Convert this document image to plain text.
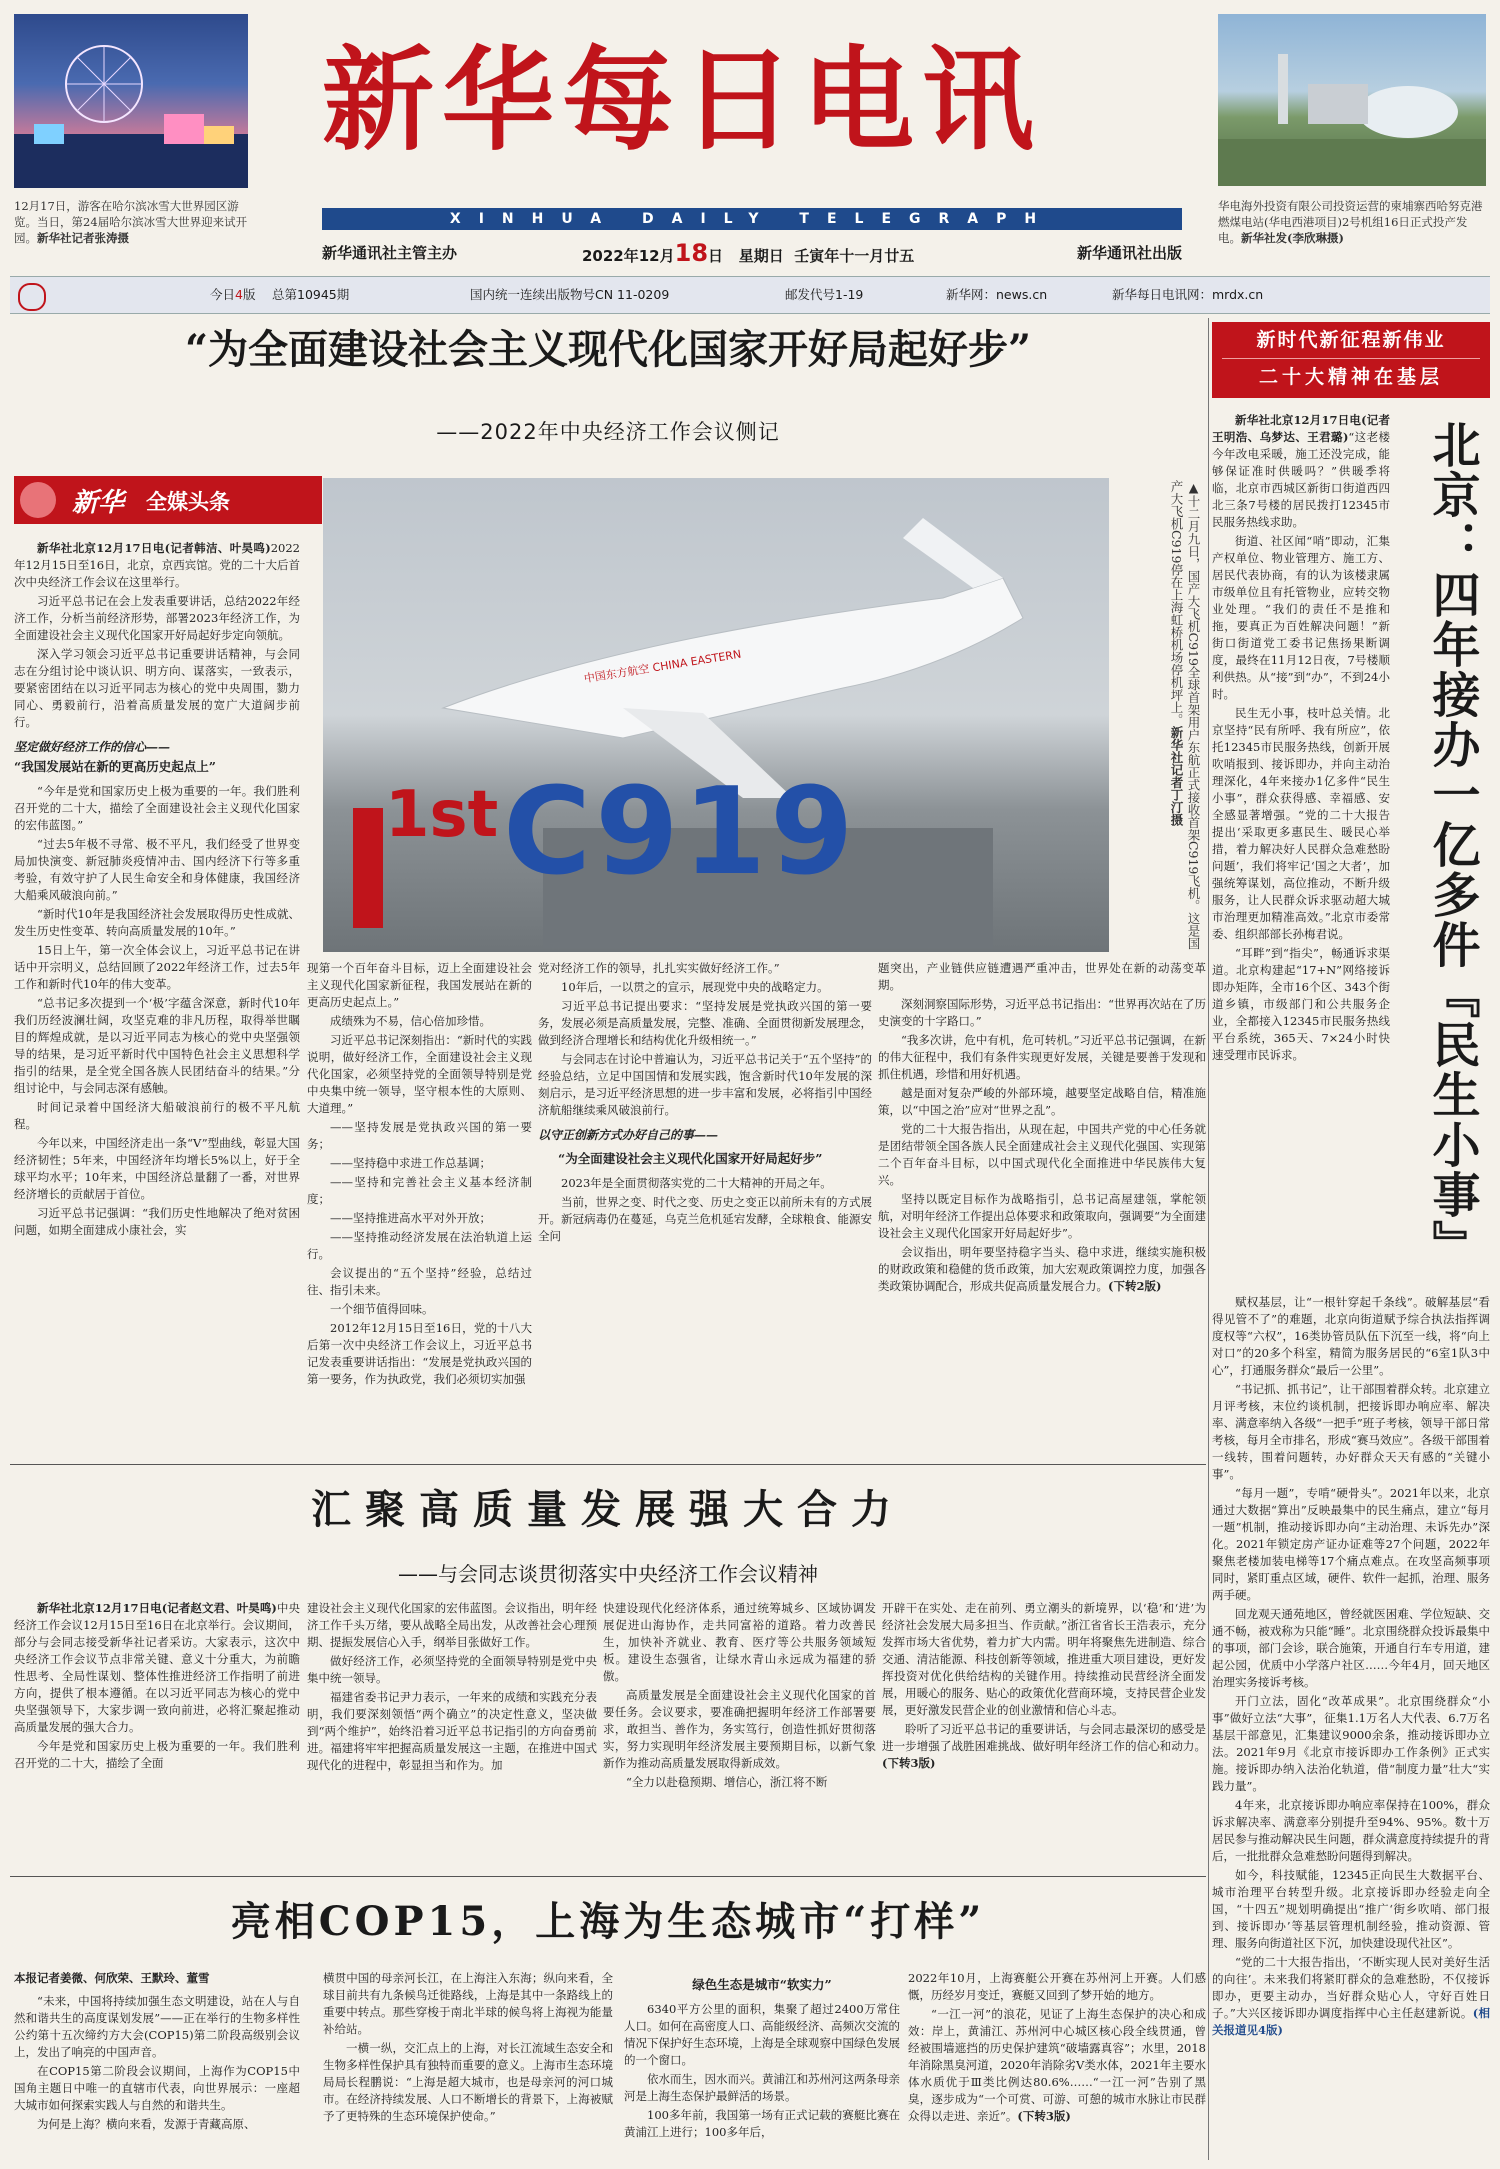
12月17日，游客在哈尔滨冰雪大世界园区游览。当日，第24届哈尔滨冰雪大世界迎来试开园。新华社记者张涛摄
新华每日电讯
XINHUA DAILY TELEGRAPH
新华通讯社主管主办	2022年12月18日 星期日 壬寅年十一月廿五	新华通讯社出版
华电海外投资有限公司投资运营的柬埔寨西哈努克港燃煤电站(华电西港项目)2号机组16日正式投产发电。新华社发(李欣琳摄)
今日4版 总第10945期	国内统一连续出版物号CN 11-0209	邮发代号1-19	新华网：news.cn	新华每日电讯网：mrdx.cn
“为全面建设社会主义现代化国家开好局起好步”
——2022年中央经济工作会议侧记
新华 全媒头条

新华社北京12月17日电(记者韩洁、叶昊鸣)2022年12月15日至16日，北京，京西宾馆。党的二十大后首次中央经济工作会议在这里举行。

习近平总书记在会上发表重要讲话，总结2022年经济工作，分析当前经济形势，部署2023年经济工作，为全面建设社会主义现代化国家开好局起好步定向领航。

深入学习领会习近平总书记重要讲话精神，与会同志在分组讨论中谈认识、明方向、谋落实，一致表示，要紧密团结在以习近平同志为核心的党中央周围，勠力同心、勇毅前行，沿着高质量发展的宽广大道阔步前行。

坚定做好经济工作的信心——
“我国发展站在新的更高历史起点上”

“今年是党和国家历史上极为重要的一年。我们胜利召开党的二十大，描绘了全面建设社会主义现代化国家的宏伟蓝图。”

“过去5年极不寻常、极不平凡，我们经受了世界变局加快演变、新冠肺炎疫情冲击、国内经济下行等多重考验，有效守护了人民生命安全和身体健康，我国经济大船乘风破浪向前。”

“新时代10年是我国经济社会发展取得历史性成就、发生历史性变革、转向高质量发展的10年。”

15日上午，第一次全体会议上，习近平总书记在讲话中开宗明义，总结回顾了2022年经济工作，过去5年工作和新时代10年的伟大变革。

“总书记多次提到一个‘极’字蕴含深意，新时代10年我们历经波澜壮阔，攻坚克难的非凡历程，取得举世瞩目的辉煌成就，是以习近平同志为核心的党中央坚强领导的结果，是习近平新时代中国特色社会主义思想科学指引的结果，是全党全国各族人民团结奋斗的结果。”分组讨论中，与会同志深有感触。

时间记录着中国经济大船破浪前行的极不平凡航程。

今年以来，中国经济走出一条“V”型曲线，彰显大国经济韧性；5年来，中国经济年均增长5%以上，好于全球平均水平；10年来，中国经济总量翻了一番，对世界经济增长的贡献居于首位。

习近平总书记强调：“我们历史性地解决了绝对贫困问题，如期全面建成小康社会，实

中国东方航空 CHINA EASTERN
1st C919	▲十二月九日，国产大飞机C919全球首架用户东航正式接收首架C919飞机。这是国产大飞机C919停在上海虹桥机场停机坪上。新华社记者丁汀摄

现第一个百年奋斗目标，迈上全面建设社会主义现代化国家新征程，我国发展站在新的更高历史起点上。”

成绩殊为不易，信心倍加珍惜。

习近平总书记深刻指出：“新时代的实践说明，做好经济工作，全面建设社会主义现代化国家，必须坚持党的全面领导特别是党中央集中统一领导，坚守根本性的大原则、大道理。”

——坚持发展是党执政兴国的第一要务；

——坚持稳中求进工作总基调；

——坚持和完善社会主义基本经济制度；

——坚持推进高水平对外开放；

——坚持推动经济发展在法治轨道上运行。

会议提出的“五个坚持”经验，总结过往、指引未来。

一个细节值得回味。

2012年12月15日至16日，党的十八大后第一次中央经济工作会议上，习近平总书记发表重要讲话指出：“发展是党执政兴国的第一要务，作为执政党，我们必须切实加强

党对经济工作的领导，扎扎实实做好经济工作。”

10年后，一以贯之的宣示，展现党中央的战略定力。

习近平总书记提出要求：“坚持发展是党执政兴国的第一要务，发展必须是高质量发展，完整、准确、全面贯彻新发展理念，做到经济合理增长和结构优化升级相统一。”

与会同志在讨论中普遍认为，习近平总书记关于“五个坚持”的经验总结，立足中国国情和发展实践，饱含新时代10年发展的深刻启示，是习近平经济思想的进一步丰富和发展，必将指引中国经济航船继续乘风破浪前行。

以守正创新方式办好自己的事——
“为全面建设社会主义现代化国家开好局起好步”

2023年是全面贯彻落实党的二十大精神的开局之年。

当前，世界之变、时代之变、历史之变正以前所未有的方式展开。新冠病毒仍在蔓延，乌克兰危机延宕发酵，全球粮食、能源安全问

题突出，产业链供应链遭遇严重冲击，世界处在新的动荡变革期。

深刻洞察国际形势，习近平总书记指出：“世界再次站在了历史演变的十字路口。”

“我多次讲，危中有机，危可转机。”习近平总书记强调，在新的伟大征程中，我们有条件实现更好发展，关键是要善于发现和抓住机遇，珍惜和用好机遇。

越是面对复杂严峻的外部环境，越要坚定战略自信，精准施策，以“中国之治”应对“世界之乱”。

党的二十大报告指出，从现在起，中国共产党的中心任务就是团结带领全国各族人民全面建成社会主义现代化强国、实现第二个百年奋斗目标，以中国式现代化全面推进中华民族伟大复兴。

坚持以既定目标作为战略指引，总书记高屋建瓴，掌舵领航，对明年经济工作提出总体要求和政策取向，强调要“为全面建设社会主义现代化国家开好局起好步”。

会议指出，明年要坚持稳字当头、稳中求进，继续实施积极的财政政策和稳健的货币政策，加大宏观政策调控力度，加强各类政策协调配合，形成共促高质量发展合力。(下转2版)

汇聚高质量发展强大合力
——与会同志谈贯彻落实中央经济工作会议精神

新华社北京12月17日电(记者赵文君、叶昊鸣)中央经济工作会议12月15日至16日在北京举行。会议期间，部分与会同志接受新华社记者采访。大家表示，这次中央经济工作会议节点非常关键、意义十分重大，为前瞻性思考、全局性谋划、整体性推进经济工作指明了前进方向，提供了根本遵循。在以习近平同志为核心的党中央坚强领导下，大家步调一致向前进，必将汇聚起推动高质量发展的强大合力。

今年是党和国家历史上极为重要的一年。我们胜利召开党的二十大，描绘了全面

建设社会主义现代化国家的宏伟蓝图。会议指出，明年经济工作千头万绪，要从战略全局出发，从改善社会心理预期、提振发展信心入手，纲举目张做好工作。

做好经济工作，必须坚持党的全面领导特别是党中央集中统一领导。

福建省委书记尹力表示，一年来的成绩和实践充分表明，我们要深刻领悟“两个确立”的决定性意义，坚决做到“两个维护”，始终沿着习近平总书记指引的方向奋勇前进。福建将牢牢把握高质量发展这一主题，在推进中国式现代化的进程中，彰显担当和作为。加

快建设现代化经济体系，通过统筹城乡、区域协调发展促进山海协作，走共同富裕的道路。着力改善民生，加快补齐就业、教育、医疗等公共服务领域短板。建设生态强省，让绿水青山永远成为福建的骄傲。

高质量发展是全面建设社会主义现代化国家的首要任务。会议要求，要准确把握明年经济工作部署要求，敢担当、善作为，务实笃行，创造性抓好贯彻落实，努力实现明年经济发展主要预期目标，以新气象新作为推动高质量发展取得新成效。

“全力以赴稳预期、增信心，浙江将不断

开辟干在实处、走在前列、勇立潮头的新境界，以‘稳’和‘进’为经济社会发展大局多担当、作贡献。”浙江省省长王浩表示，充分发挥市场大省优势，着力扩大内需。明年将聚焦先进制造、综合交通、清洁能源、科技创新等领域，推进重大项目建设，更好发挥投资对优化供给结构的关键作用。持续推动民营经济全面发展，用暖心的服务、贴心的政策优化营商环境，支持民营企业发展，更好激发民营企业的创业激情和信心斗志。

聆听了习近平总书记的重要讲话，与会同志最深切的感受是进一步增强了战胜困难挑战、做好明年经济工作的信心和动力。(下转3版)

亮相COP15，上海为生态城市“打样”
本报记者姜微、何欣荣、王默玲、董雪

“未来，中国将持续加强生态文明建设，站在人与自然和谐共生的高度谋划发展”——正在举行的生物多样性公约第十五次缔约方大会(COP15)第二阶段高级别会议上，发出了响亮的中国声音。

在COP15第二阶段会议期间，上海作为COP15中国角主题日中唯一的直辖市代表，向世界展示：一座超大城市如何探索实践人与自然的和谐共生。

为何是上海？横向来看，发源于青藏高原、

横贯中国的母亲河长江，在上海注入东海；纵向来看，全球目前共有九条候鸟迁徙路线，上海是其中一条路线上的重要中转点。那些穿梭于南北半球的候鸟将上海视为能量补给站。

一横一纵，交汇点上的上海，对长江流域生态安全和生物多样性保护具有独特而重要的意义。上海市生态环境局局长程鹏说：“上海是超大城市，也是母亲河的河口城市。在经济持续发展、人口不断增长的背景下，上海被赋予了更特殊的生态环境保护使命。”

绿色生态是城市“软实力”

6340平方公里的面积，集聚了超过2400万常住人口。如何在高密度人口、高能级经济、高频次交流的情况下保护好生态环境，上海是全球观察中国绿色发展的一个窗口。

依水而生，因水而兴。黄浦江和苏州河这两条母亲河是上海生态保护最鲜活的场景。

100多年前，我国第一场有正式记载的赛艇比赛在黄浦江上进行；100多年后，

2022年10月，上海赛艇公开赛在苏州河上开赛。人们感慨，历经岁月变迁，赛艇又回到了梦开始的地方。

“一江一河”的浪花，见证了上海生态保护的决心和成效：岸上，黄浦江、苏州河中心城区核心段全线贯通，曾经被围墙遮挡的历史保护建筑“破墙露真容”；水里，2018年消除黑臭河道，2020年消除劣Ⅴ类水体，2021年主要水体水质优于Ⅲ类比例达80.6%……“一江一河”告别了黑臭，逐步成为“一个可赏、可游、可憩的城市水脉让市民群众得以走进、亲近”。(下转3版)

新时代新征程新伟业
二十大精神在基层
北京：四年接办一亿多件『民生小事』

新华社北京12月17日电(记者王明浩、乌梦达、王君璐)“这老楼今年改电采暖，施工还没完成，能够保证准时供暖吗？”供暖季将临，北京市西城区新街口街道西四北三条7号楼的居民拨打12345市民服务热线求助。

街道、社区闻“哨”即动，汇集产权单位、物业管理方、施工方、居民代表协商，有的认为该楼隶属市级单位且有托管物业，应转交物业处理。“我们的责任不是推和拖，要真正为百姓解决问题！”新街口街道党工委书记焦扬果断调度，最终在11月12日夜，7号楼顺利供热。从“接”到“办”，不到24小时。

民生无小事，枝叶总关情。北京坚持“民有所呼、我有所应”，依托12345市民服务热线，创新开展吹哨报到、接诉即办，并向主动治理深化，4年来接办1亿多件“民生小事”，群众获得感、幸福感、安全感显著增强。“党的二十大报告提出‘采取更多惠民生、暖民心举措，着力解决好人民群众急难愁盼问题’，我们将牢记‘国之大者’，加强统筹谋划，高位推动，不断升级服务，让人民群众诉求驱动超大城市治理更加精准高效。”北京市委常委、组织部部长孙梅君说。

“耳畔”到“指尖”，畅通诉求渠道。北京构建起“17+N”网络接诉即办矩阵，全市16个区、343个街道乡镇，市级部门和公共服务企业，全都接入12345市民服务热线平台系统，365天、7×24小时快速受理市民诉求。

赋权基层，让“一根针穿起千条线”。破解基层“看得见管不了”的难题，北京向街道赋予综合执法指挥调度权等“六权”，16类协管员队伍下沉至一线，将“向上对口”的20多个科室，精简为服务居民的“6室1队3中心”，打通服务群众“最后一公里”。

“书记抓、抓书记”，让干部围着群众转。北京建立月评考核，末位约谈机制，把接诉即办响应率、解决率、满意率纳入各级“一把手”班子考核，领导干部日常考核，每月全市排名，形成“赛马效应”。各级干部围着一线转，围着问题转，办好群众天天有感的“关键小事”。

“每月一题”，专啃“硬骨头”。2021年以来，北京通过大数据“算出”反映最集中的民生痛点，建立“每月一题”机制，推动接诉即办向“主动治理、未诉先办”深化。2021年锁定房产证办证难等27个问题，2022年聚焦老楼加装电梯等17个痛点难点。在攻坚高频事项同时，紧盯重点区域，硬件、软件一起抓，治理、服务两手硬。

回龙观天通苑地区，曾经就医困难、学位短缺、交通不畅，被戏称为只能“睡”。北京围绕群众投诉最集中的事项，部门会诊，联合施策，开通自行车专用道，建起公园，优质中小学落户社区……今年4月，回天地区治理实务接诉考核。

开门立法，固化“改革成果”。北京围绕群众“小事”做好立法“大事”，征集1.1万名人大代表、6.7万名基层干部意见，汇集建议9000余条，推动接诉即办立法。2021年9月《北京市接诉即办工作条例》正式实施。接诉即办纳入法治化轨道，借“制度力量”壮大“实践力量”。

4年来，北京接诉即办响应率保持在100%，群众诉求解决率、满意率分别提升至94%、95%。数十万居民参与推动解决民生问题，群众满意度持续提升的背后，一批批群众急难愁盼问题得到解决。

如今，科技赋能，12345正向民生大数据平台、城市治理平台转型升级。北京接诉即办经验走向全国，“十四五”规划明确提出“推广‘街乡吹哨、部门报到、接诉即办’等基层管理机制经验，推动资源、管理、服务向街道社区下沉，加快建设现代社区”。

“党的二十大报告指出，‘不断实现人民对美好生活的向往’。未来我们将紧盯群众的急难愁盼，不仅接诉即办，更要主动办，当好群众贴心人，守好百姓日子。”大兴区接诉即办调度指挥中心主任赵建新说。(相关报道见4版)
